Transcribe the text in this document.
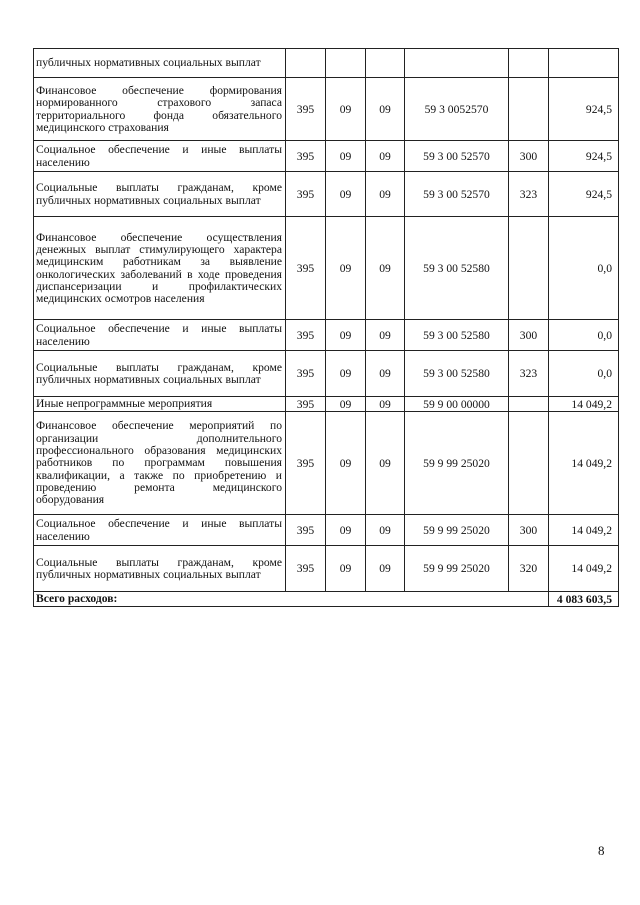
публичных нормативных социальных выплат						
Финансовое обеспечение формирования нормированного страхового запаса территориального фонда обязательного медицинского страхования	395	09	09	59 3 0052570		924,5
Социальное обеспечение и иные выплаты населению	395	09	09	59 3 00 52570	300	924,5
Социальные выплаты гражданам, кроме публичных нормативных социальных выплат	395	09	09	59 3 00 52570	323	924,5
Финансовое обеспечение осуществления денежных выплат стимулирующего характера медицинским работникам за выявление онкологических заболеваний в ходе проведения диспансеризации и профилактических медицинских осмотров населения	395	09	09	59 3 00 52580		0,0
Социальное обеспечение и иные выплаты населению	395	09	09	59 3 00 52580	300	0,0
Социальные выплаты гражданам, кроме публичных нормативных социальных выплат	395	09	09	59 3 00 52580	323	0,0
Иные непрограммные мероприятия	395	09	09	59 9 00 00000		14 049,2
Финансовое обеспечение мероприятий по организации дополнительного профессионального образования медицинских работников по программам повышения квалификации, а также по приобретению и проведению ремонта медицинского оборудования	395	09	09	59 9 99 25020		14 049,2
Социальное обеспечение и иные выплаты населению	395	09	09	59 9 99 25020	300	14 049,2
Социальные выплаты гражданам, кроме публичных нормативных социальных выплат	395	09	09	59 9 99 25020	320	14 049,2
Всего расходов:						4 083 603,5
8
